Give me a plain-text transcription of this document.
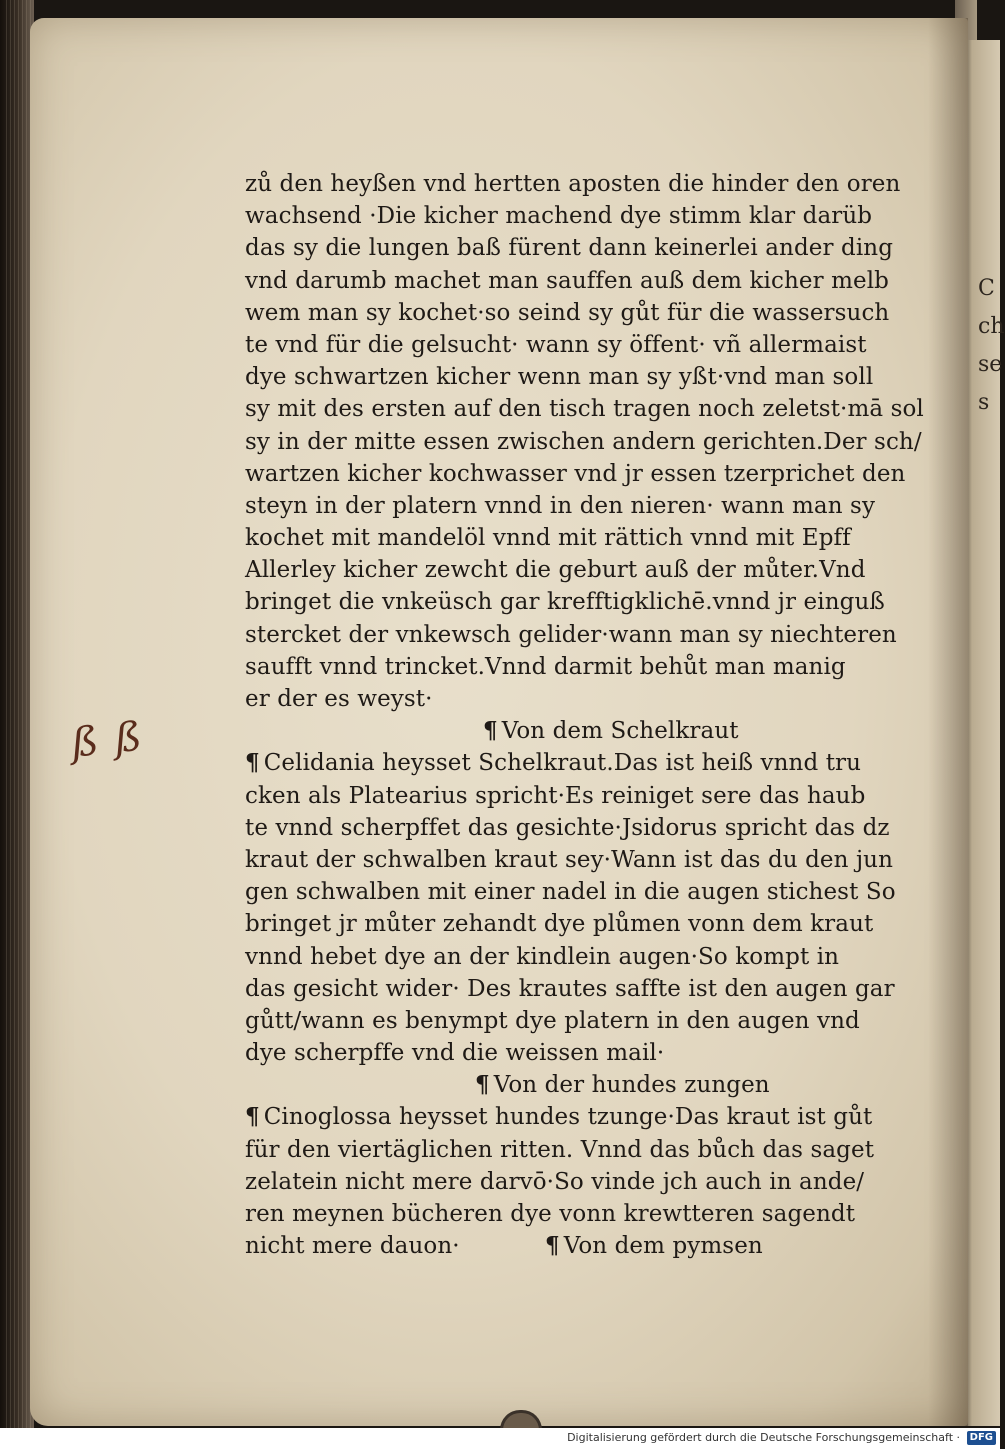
C ch se s
ß ß
zů den heyßen vnd hertten aposten die hinder den oren
wachsend ·Die kicher machend dye stimm klar darüb
das sy die lungen baß fürent dann keinerlei ander ding
vnd darumb machet man sauffen auß dem kicher melb
wem man sy kochet·so seind sy gůt für die wassersuch
te vnd für die gelsucht· wann sy öffent· vñ allermaist
dye schwartzen kicher wenn man sy yßt·vnd man soll
sy mit des ersten auf den tisch tragen noch zeletst·mā sol
sy in der mitte essen zwischen andern gerichten.Der sch/
wartzen kicher kochwasser vnd jr essen tzerprichet den
steyn in der platern vnnd in den nieren· wann man sy
kochet mit mandelöl vnnd mit rättich vnnd mit Epff
Allerley kicher zewcht die geburt auß der můter.Vnd
bringet die vnkeüsch gar krefftigklichē.vnnd jr einguß
stercket der vnkewsch gelider·wann man sy niechteren
saufft vnnd trincket.Vnnd darmit behůt man manig
er der es weyst·
¶ Von dem Schelkraut
¶ Celidania heysset Schelkraut.Das ist heiß vnnd tru
cken als Platearius spricht·Es reiniget sere das haub
te vnnd scherpffet das gesichte·Jsidorus spricht das dz
kraut der schwalben kraut sey·Wann ist das du den jun
gen schwalben mit einer nadel in die augen stichest So
bringet jr můter zehandt dye plůmen vonn dem kraut
vnnd hebet dye an der kindlein augen·So kompt in
das gesicht wider· Des krautes saffte ist den augen gar
gůtt/wann es benympt dye platern in den augen vnd
dye scherpffe vnd die weissen mail·
¶ Von der hundes zungen
¶ Cinoglossa heysset hundes tzunge·Das kraut ist gůt
für den viertäglichen ritten. Vnnd das bůch das saget
zelatein nicht mere darvō·So vinde jch auch in ande/
ren meynen bücheren dye vonn krewtteren sagendt
nicht mere dauon·	¶ Von dem pymsen
Digitalisierung gefördert durch die Deutsche Forschungsgemeinschaft · DFG
